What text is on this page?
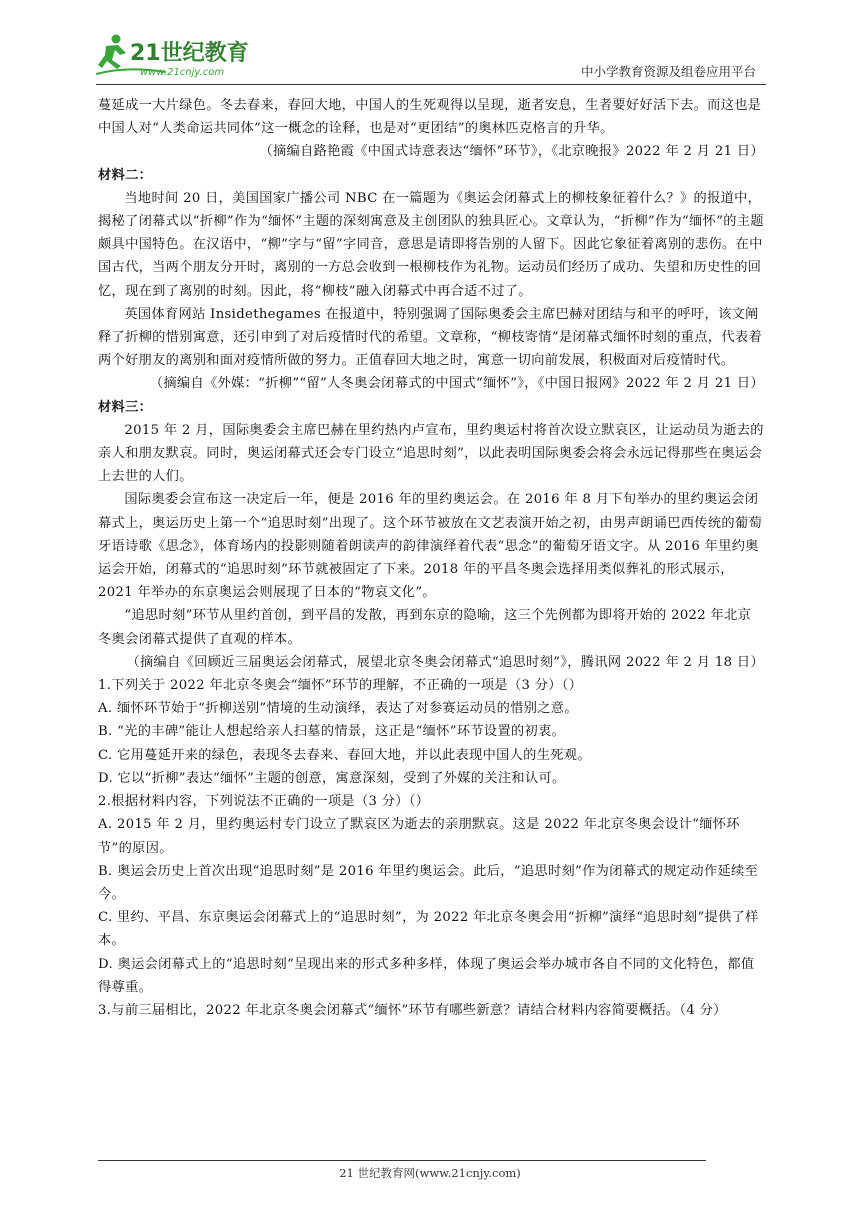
21世纪教育
www.21cnjy.com	中小学教育资源及组卷应用平台

蔓延成一大片绿色。冬去春来，春回大地，中国人的生死观得以呈现，逝者安息，生者要好好活下去。而这也是中国人对“人类命运共同体”这一概念的诠释，也是对“更团结”的奥林匹克格言的升华。

（摘编自路艳霞《中国式诗意表达“缅怀”环节》，《北京晚报》2022 年 2 月 21 日）

材料二：

当地时间 20 日，美国国家广播公司 NBC 在一篇题为《奥运会闭幕式上的柳枝象征着什么？》的报道中，揭秘了闭幕式以“折柳”作为“缅怀”主题的深刻寓意及主创团队的独具匠心。文章认为，“折柳”作为“缅怀”的主题颇具中国特色。在汉语中，“柳”字与“留”字同音，意思是请即将告别的人留下。因此它象征着离别的悲伤。在中国古代，当两个朋友分开时，离别的一方总会收到一根柳枝作为礼物。运动员们经历了成功、失望和历史性的回忆，现在到了离别的时刻。因此，将“柳枝”融入闭幕式中再合适不过了。

英国体育网站 Insidethegames 在报道中，特别强调了国际奥委会主席巴赫对团结与和平的呼吁，该文阐释了折柳的惜别寓意，还引申到了对后疫情时代的希望。文章称，“柳枝寄情”是闭幕式缅怀时刻的重点，代表着两个好朋友的离别和面对疫情所做的努力。正值春回大地之时，寓意一切向前发展，积极面对后疫情时代。

（摘编自《外媒：“折柳”“留”人冬奥会闭幕式的中国式“缅怀”》，《中国日报网》2022 年 2 月 21 日）

材料三：

2015 年 2 月，国际奥委会主席巴赫在里约热内卢宣布，里约奥运村将首次设立默哀区，让运动员为逝去的亲人和朋友默哀。同时，奥运闭幕式还会专门设立“追思时刻”，以此表明国际奥委会将会永远记得那些在奥运会上去世的人们。

国际奥委会宣布这一决定后一年，便是 2016 年的里约奥运会。在 2016 年 8 月下旬举办的里约奥运会闭幕式上，奥运历史上第一个“追思时刻”出现了。这个环节被放在文艺表演开始之初，由男声朗诵巴西传统的葡萄牙语诗歌《思念》，体育场内的投影则随着朗读声的韵律演绎着代表“思念”的葡萄牙语文字。从 2016 年里约奥运会开始，闭幕式的“追思时刻”环节就被固定了下来。2018 年的平昌冬奥会选择用类似葬礼的形式展示，2021 年举办的东京奥运会则展现了日本的“物哀文化”。

“追思时刻”环节从里约首创，到平昌的发散，再到东京的隐喻，这三个先例都为即将开始的 2022 年北京冬奥会闭幕式提供了直观的样本。

（摘编自《回顾近三届奥运会闭幕式，展望北京冬奥会闭幕式“追思时刻”》，腾讯网 2022 年 2 月 18 日）

1.下列关于 2022 年北京冬奥会“缅怀”环节的理解，不正确的一项是（3 分）（）

A. 缅怀环节始于“折柳送别”情境的生动演绎，表达了对参赛运动员的惜别之意。

B. “光的丰碑”能让人想起给亲人扫墓的情景，这正是“缅怀”环节设置的初衷。

C. 它用蔓延开来的绿色，表现冬去春来、春回大地，并以此表现中国人的生死观。

D. 它以“折柳”表达“缅怀”主题的创意，寓意深刻，受到了外媒的关注和认可。

2.根据材料内容，下列说法不正确的一项是（3 分）（）

A. 2015 年 2 月，里约奥运村专门设立了默哀区为逝去的亲朋默哀。这是 2022 年北京冬奥会设计“缅怀环节”的原因。

B. 奥运会历史上首次出现“追思时刻”是 2016 年里约奥运会。此后，“追思时刻”作为闭幕式的规定动作延续至今。

C. 里约、平昌、东京奥运会闭幕式上的“追思时刻”，为 2022 年北京冬奥会用“折柳”演绎“追思时刻”提供了样本。

D. 奥运会闭幕式上的“追思时刻”呈现出来的形式多种多样，体现了奥运会举办城市各自不同的文化特色，都值得尊重。

3.与前三届相比，2022 年北京冬奥会闭幕式“缅怀”环节有哪些新意？请结合材料内容简要概括。（4 分）

21 世纪教育网(www.21cnjy.com)
